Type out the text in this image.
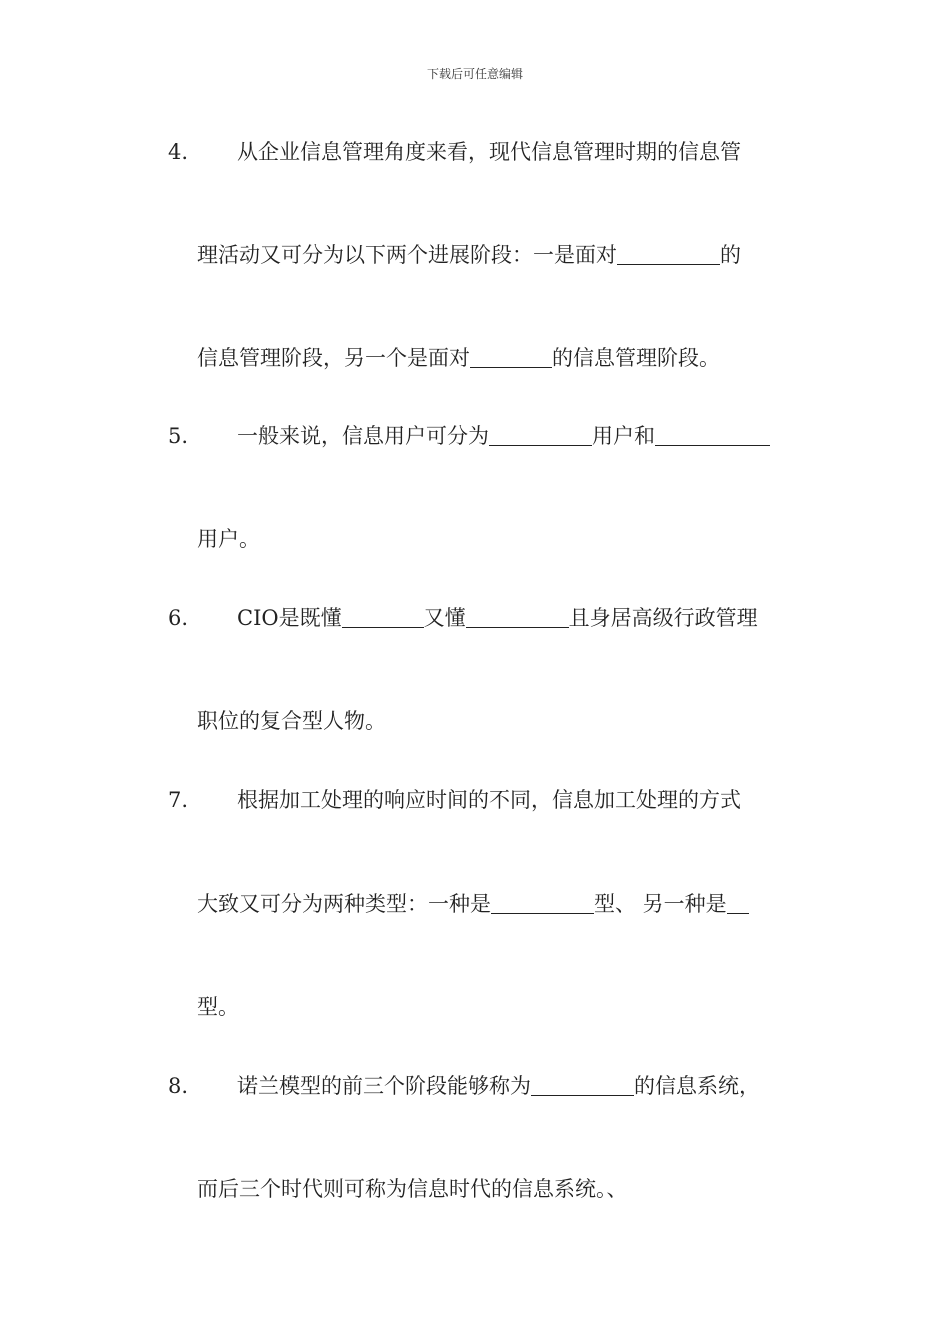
下载后可任意编辑
4.	从企业信息管理角度来看，现代信息管理时期的信息管
理活动又可分为以下两个进展阶段：一是面对	的
信息管理阶段，另一个是面对	的信息管理阶段。
5.	一般来说，信息用户可分为	用户和
用户。
6.	CIO是既懂	又懂	且身居高级行政管理
职位的复合型人物。
7.	根据加工处理的响应时间的不同，信息加工处理的方式
大致又可分为两种类型：一种是	型、 另一种是
型。
8.	诺兰模型的前三个阶段能够称为	的信息系统，
而后三个时代则可称为信息时代的信息系统。、
